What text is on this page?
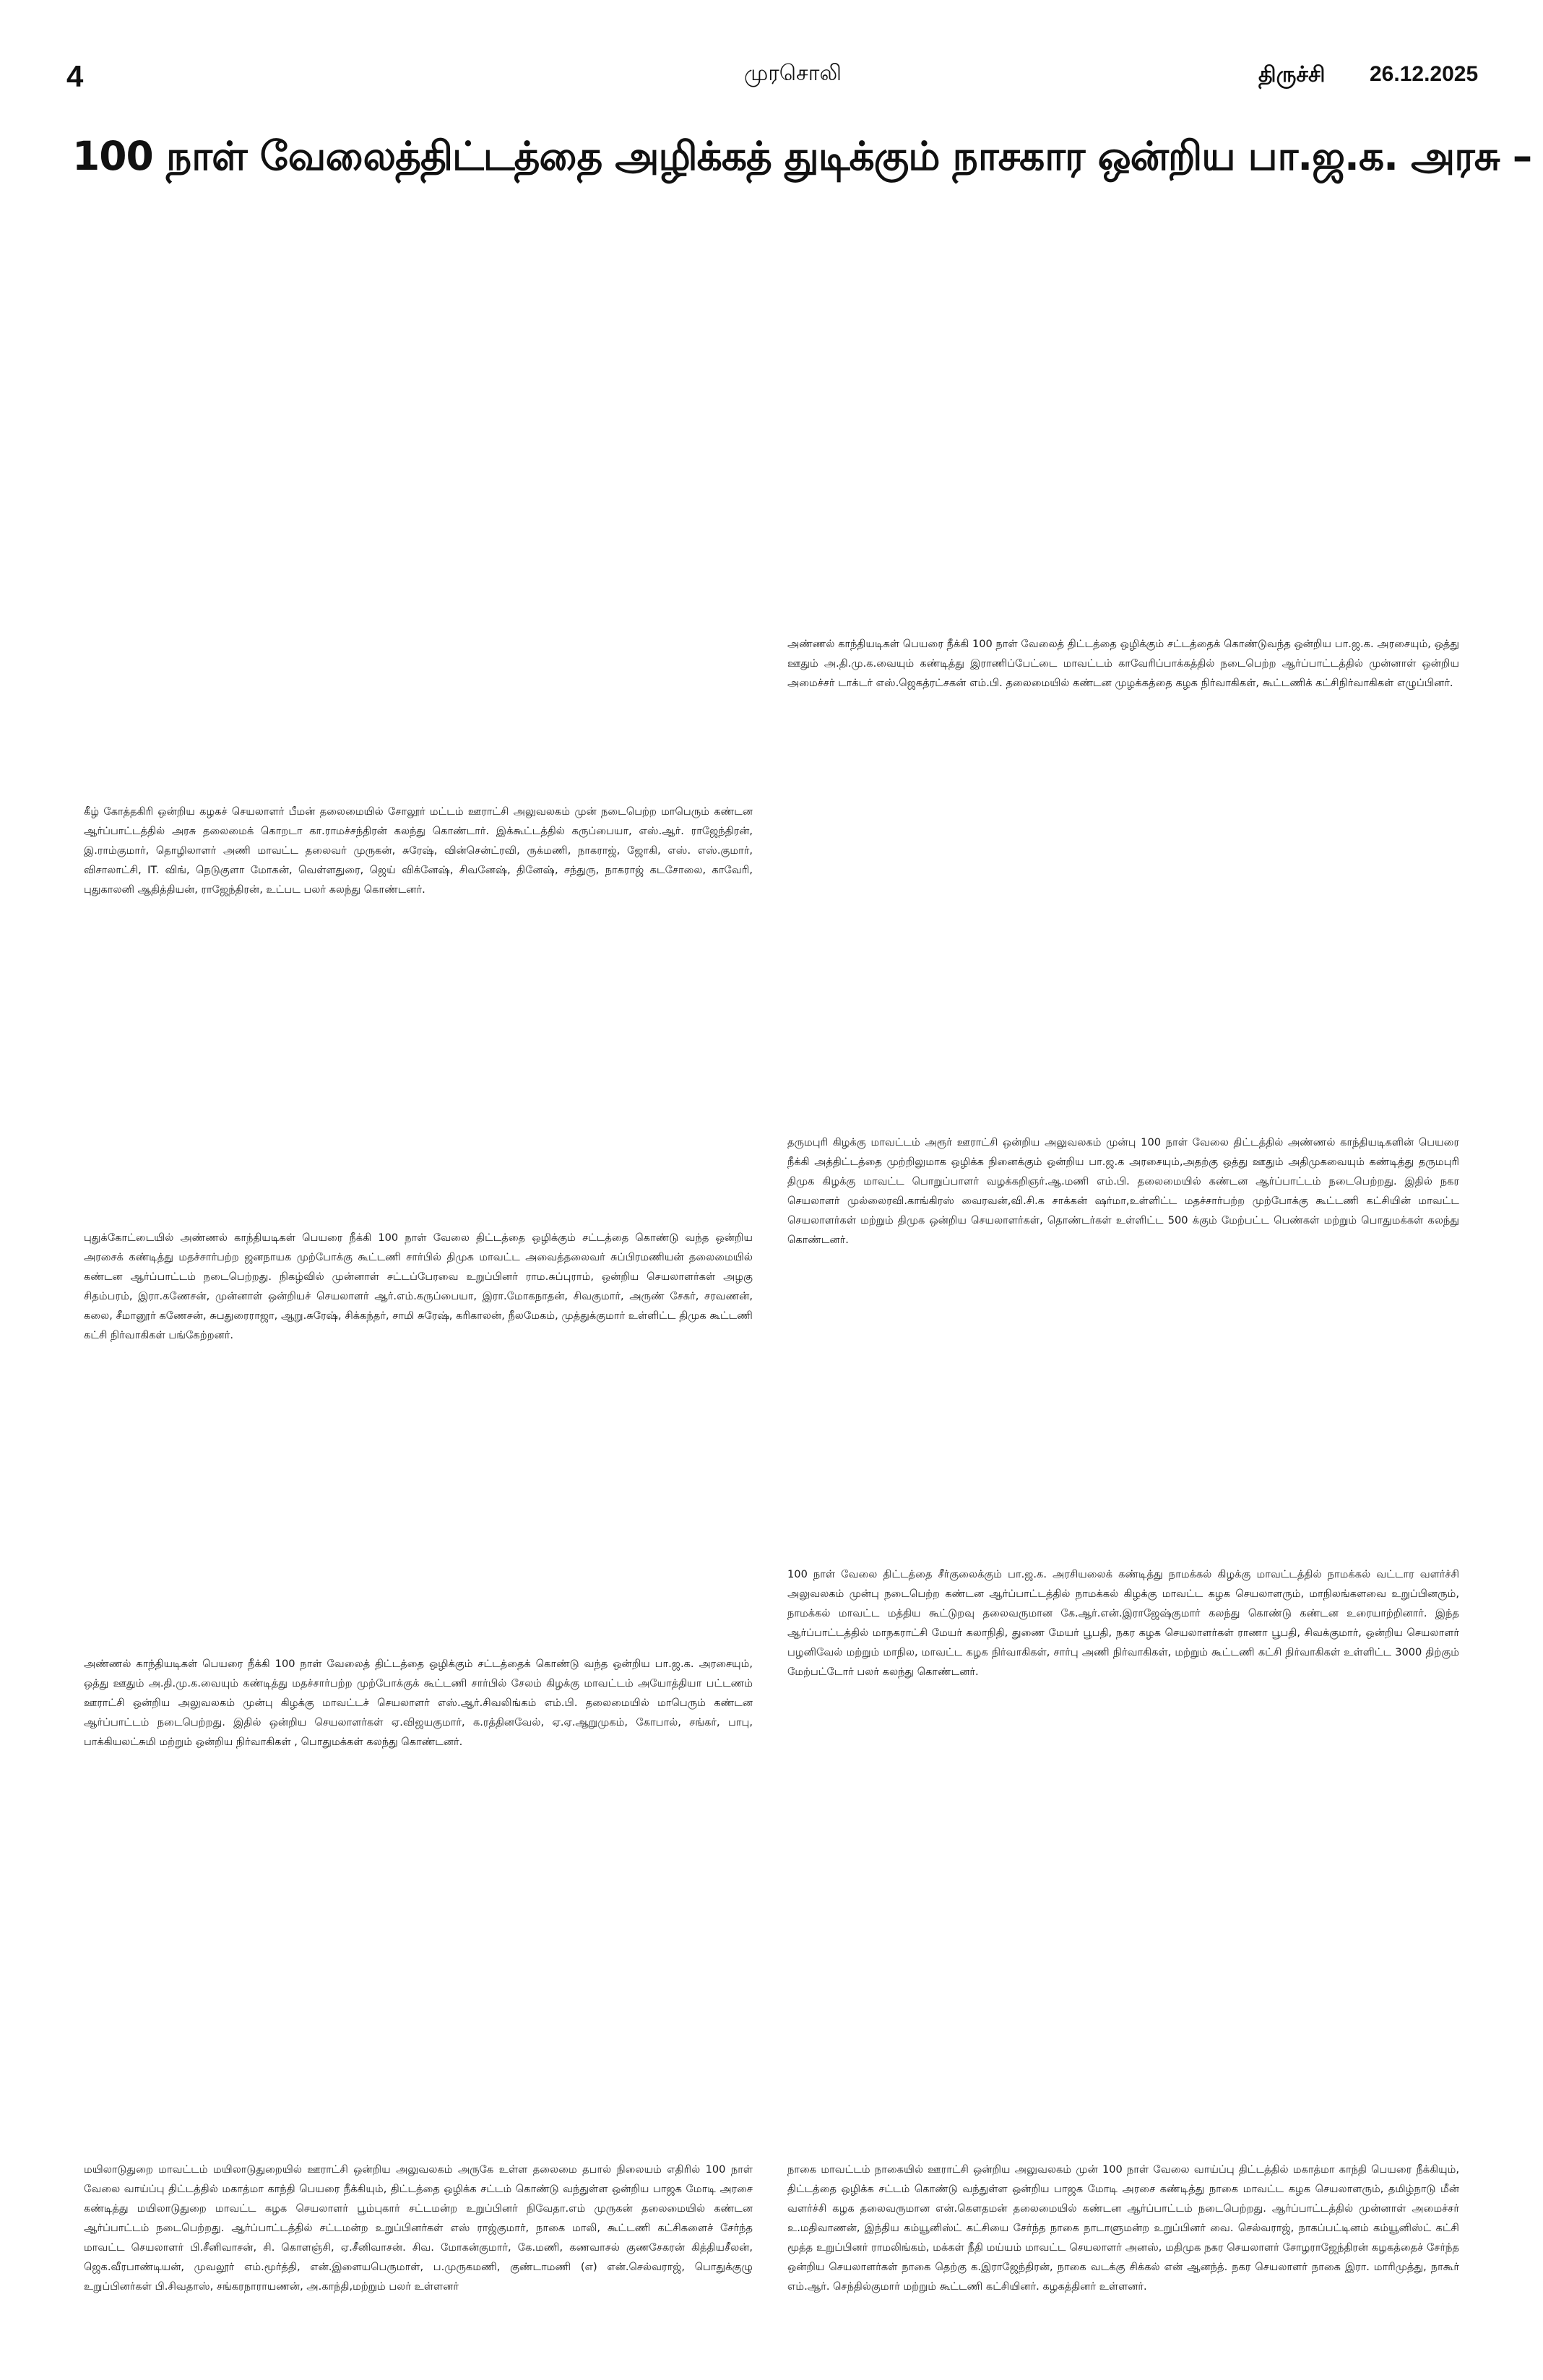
4	முரசொலி	திருச்சி 26.12.2025
100 நாள் வேலைத்திட்டத்தை அழிக்கத் துடிக்கும் நாசகார ஒன்றிய பா.ஜ.க. அரசு –
அண்ணல் காந்தியடிகள் பெயரை நீக்கி 100 நாள் வேலைத் திட்டத்தை ஒழிக்கும் சட்டத்தைக் கொண்டுவந்த ஒன்றிய பா.ஜ.க. அரசையும், ஒத்து ஊதும் அ.தி.மு.க.வையும் கண்டித்து இராணிப்பேட்டை மாவட்டம் காவேரிப்பாக்கத்தில் நடைபெற்ற ஆர்ப்பாட்டத்தில் முன்னாள் ஒன்றிய அமைச்சர் டாக்டர் எஸ்.ஜெகத்ரட்சகன் எம்.பி. தலைமையில் கண்டன முழக்கத்தை கழக நிர்வாகிகள், கூட்டணிக் கட்சிநிர்வாகிகள் எழுப்பினர்.
கீழ் கோத்தகிரி ஒன்றிய கழகச் செயலாளர் பீமன் தலைமையில் சோலூர் மட்டம் ஊராட்சி அலுவலகம் முன் நடைபெற்ற மாபெரும் கண்டன ஆர்ப்பாட்டத்தில் அரசு தலைமைக் கொறடா கா.ராமச்சந்திரன் கலந்து கொண்டார். இக்கூட்டத்தில் கருப்பையா, எஸ்.ஆர். ராஜேந்திரன், இ.ராம்குமார், தொழிலாளர் அணி மாவட்ட தலைவர் முருகன், சுரேஷ், வின்சென்ட்ரவி, ருக்மணி, நாகராஜ், ஜோகி, எஸ். எஸ்.குமார், விசாலாட்சி, IT. விங், நெடுகுளா மோகன், வெள்ளதுரை, ஜெய் விக்னேஷ், சிவனேஷ், தினேஷ், சந்துரு, நாகராஜ் கடசோலை, காவேரி, புதுகாலனி ஆதித்தியன், ராஜேந்திரன், உட்பட பலர் கலந்து கொண்டனர்.
தருமபுரி கிழக்கு மாவட்டம் அரூர் ஊராட்சி ஒன்றிய அலுவலகம் முன்பு 100 நாள் வேலை திட்டத்தில் அண்ணல் காந்தியடிகளின் பெயரை நீக்கி அத்திட்டத்தை முற்றிலுமாக ஒழிக்க நினைக்கும் ஒன்றிய பா.ஜ.க அரசையும்,அதற்கு ஒத்து ஊதும் அதிமுகவையும் கண்டித்து தருமபுரி திமுக கிழக்கு மாவட்ட பொறுப்பாளர் வழக்கறிஞர்.ஆ.மணி எம்.பி. தலைமையில் கண்டன ஆர்ப்பாட்டம் நடைபெற்றது. இதில் நகர செயலாளர் முல்லைரவி.காங்கிரஸ் வைரவன்,வி.சி.க சாக்கன் ஷர்மா,உள்ளிட்ட மதச்சார்பற்ற முற்போக்கு கூட்டணி கட்சியின் மாவட்ட செயலாளர்கள் மற்றும் திமுக ஒன்றிய செயலாளர்கள், தொண்டர்கள் உள்ளிட்ட 500 க்கும் மேற்பட்ட பெண்கள் மற்றும் பொதுமக்கள் கலந்து கொண்டனர்.
புதுக்கோட்டையில் அண்ணல் காந்தியடிகள் பெயரை நீக்கி 100 நாள் வேலை திட்டத்தை ஒழிக்கும் சட்டத்தை கொண்டு வந்த ஒன்றிய அரசைக் கண்டித்து மதச்சார்பற்ற ஜனநாயக முற்போக்கு கூட்டணி சார்பில் திமுக மாவட்ட அவைத்தலைவர் சுப்பிரமணியன் தலைமையில் கண்டன ஆர்ப்பாட்டம் நடைபெற்றது. நிகழ்வில் முன்னாள் சட்டப்பேரவை உறுப்பினர் ராம.சுப்புராம், ஒன்றிய செயலாளர்கள் அழகு சிதம்பரம், இரா.கணேசன், முன்னாள் ஒன்றியச் செயலாளர் ஆர்.எம்.கருப்பையா, இரா.மோகநாதன், சிவகுமார், அருண் சேகர், சரவணன், கலை, சீமானூர் கணேசன், சுபதுரைராஜா, ஆறு.சுரேஷ், சிக்கந்தர், சாமி சுரேஷ், கரிகாலன், நீலமேகம், முத்துக்குமார் உள்ளிட்ட திமுக கூட்டணி கட்சி நிர்வாகிகள் பங்கேற்றனர்.
100 நாள் வேலை திட்டத்தை சீர்குலைக்கும் பா.ஜ.க. அரசியலைக் கண்டித்து நாமக்கல் கிழக்கு மாவட்டத்தில் நாமக்கல் வட்டார வளர்ச்சி அலுவலகம் முன்பு நடைபெற்ற கண்டன ஆர்ப்பாட்டத்தில் நாமக்கல் கிழக்கு மாவட்ட கழக செயலாளரும், மாநிலங்களவை உறுப்பினரும், நாமக்கல் மாவட்ட மத்திய கூட்டுறவு தலைவருமான கே.ஆர்.என்.இராஜேஷ்குமார் கலந்து கொண்டு கண்டன உரையாற்றினார். இந்த ஆர்ப்பாட்டத்தில் மாநகராட்சி மேயர் கலாநிதி, துணை மேயர் பூபதி, நகர கழக செயலாளர்கள் ராணா பூபதி, சிவக்குமார், ஒன்றிய செயலாளர் பழனிவேல் மற்றும் மாநில, மாவட்ட கழக நிர்வாகிகள், சார்பு அணி நிர்வாகிகள், மற்றும் கூட்டணி கட்சி நிர்வாகிகள் உள்ளிட்ட 3000 திற்கும் மேற்பட்டோர் பலர் கலந்து கொண்டனர்.
அண்ணல் காந்தியடிகள் பெயரை நீக்கி 100 நாள் வேலைத் திட்டத்தை ஒழிக்கும் சட்டத்தைக் கொண்டு வந்த ஒன்றிய பா.ஜ.க. அரசையும், ஒத்து ஊதும் அ.தி.மு.க.வையும் கண்டித்து மதச்சார்பற்ற முற்போக்குக் கூட்டணி சார்பில் சேலம் கிழக்கு மாவட்டம் அயோத்தியா பட்டணம் ஊராட்சி ஒன்றிய அலுவலகம் முன்பு கிழக்கு மாவட்டச் செயலாளர் எஸ்.ஆர்.சிவலிங்கம் எம்.பி. தலைமையில் மாபெரும் கண்டன ஆர்ப்பாட்டம் நடைபெற்றது. இதில் ஒன்றிய செயலாளர்கள் ஏ.விஜயகுமார், க.ரத்தினவேல், ஏ.ஏ.ஆறுமுகம், கோபால், சங்கர், பாபு, பாக்கியலட்சுமி மற்றும் ஒன்றிய நிர்வாகிகள் , பொதுமக்கள் கலந்து கொண்டனர்.
மயிலாடுதுறை மாவட்டம் மயிலாடுதுறையில் ஊராட்சி ஒன்றிய அலுவலகம் அருகே உள்ள தலைமை தபால் நிலையம் எதிரில் 100 நாள் வேலை வாய்ப்பு திட்டத்தில் மகாத்மா காந்தி பெயரை நீக்கியும், திட்டத்தை ஒழிக்க சட்டம் கொண்டு வந்துள்ள ஒன்றிய பாஜக மோடி அரசை கண்டித்து மயிலாடுதுறை மாவட்ட கழக செயலாளர் பூம்புகார் சட்டமன்ற உறுப்பினர் நிவேதா.எம் முருகன் தலைமையில் கண்டன ஆர்ப்பாட்டம் நடைபெற்றது. ஆர்ப்பாட்டத்தில் சட்டமன்ற உறுப்பினர்கள் எஸ் ராஜ்குமார், நாகை மாலி, கூட்டணி கட்சிகளைச் சேர்ந்த மாவட்ட செயலாளர் பி.சீனிவாசன், சி. கொளஞ்சி, ஏ.சீனிவாசன். சிவ. மோகன்குமார், கே.மணி, கணவாசல் குணசேகரன் கித்தியசீலன், ஜெக.வீரபாண்டியன், முவலூர் எம்.மூர்த்தி, என்.இளையபெருமாள், ப.முருகமணி, குண்டாமணி (எ) என்.செல்வராஜ், பொதுக்குழு உறுப்பினர்கள் பி.சிவதாஸ், சங்கரநாராயணன், அ.காந்தி,மற்றும் பலர் உள்ளனர்
நாகை மாவட்டம் நாகையில் ஊராட்சி ஒன்றிய அலுவலகம் முன் 100 நாள் வேலை வாய்ப்பு திட்டத்தில் மகாத்மா காந்தி பெயரை நீக்கியும், திட்டத்தை ஒழிக்க சட்டம் கொண்டு வந்துள்ள ஒன்றிய பாஜக மோடி அரசை கண்டித்து நாகை மாவட்ட கழக செயலாளரும், தமிழ்நாடு மீன் வளர்ச்சி கழக தலைவருமான என்.கௌதமன் தலைமையில் கண்டன ஆர்ப்பாட்டம் நடைபெற்றது. ஆர்ப்பாட்டத்தில் முன்னாள் அமைச்சர் உ.மதிவாணன், இந்திய கம்யூனிஸ்ட் கட்சியை சேர்ந்த நாகை நாடாளுமன்ற உறுப்பினர் வை. செல்வராஜ், நாகப்பட்டினம் கம்யூனிஸ்ட் கட்சி மூத்த உறுப்பினர் ராமலிங்கம், மக்கள் நீதி மய்யம் மாவட்ட செயலாளர் அனஸ், மதிமுக நகர செயலாளர் சோழராஜேந்திரன் கழகத்தைச் சேர்ந்த ஒன்றிய செயலாளர்கள் நாகை தெற்கு க.இராஜேந்திரன், நாகை வடக்கு சிக்கல் என் ஆனந்த். நகர செயலாளர் நாகை இரா. மாரிமுத்து, நாகூர் எம்.ஆர். செந்தில்குமார் மற்றும் கூட்டணி கட்சியினர். கழகத்தினர் உள்ளனர்.
